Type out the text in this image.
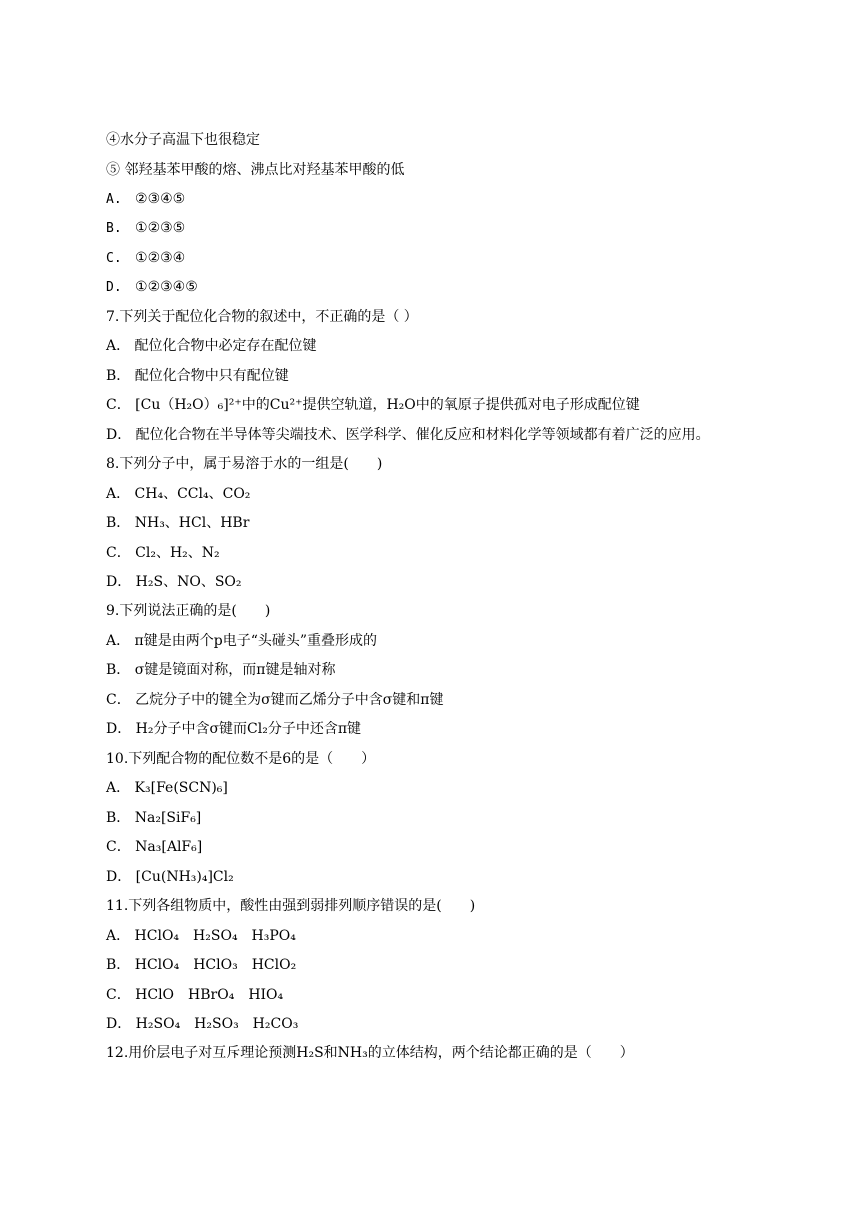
④水分子高温下也很稳定
⑤ 邻羟基苯甲酸的熔、沸点比对羟基苯甲酸的低
A. ②③④⑤
B. ①②③⑤
C. ①②③④
D. ①②③④⑤
7.下列关于配位化合物的叙述中，不正确的是（ ）
A． 配位化合物中必定存在配位键
B． 配位化合物中只有配位键
C． [Cu（H₂O）₆]²⁺中的Cu²⁺提供空轨道，H₂O中的氧原子提供孤对电子形成配位键
D． 配位化合物在半导体等尖端技术、医学科学、催化反应和材料化学等领域都有着广泛的应用。
8.下列分子中，属于易溶于水的一组是(　　)
A． CH₄、CCl₄、CO₂
B． NH₃、HCl、HBr
C． Cl₂、H₂、N₂
D． H₂S、NO、SO₂
9.下列说法正确的是(　　)
A． π键是由两个p电子“头碰头”重叠形成的
B． σ键是镜面对称，而π键是轴对称
C． 乙烷分子中的键全为σ键而乙烯分子中含σ键和π键
D． H₂分子中含σ键而Cl₂分子中还含π键
10.下列配合物的配位数不是6的是（　　）
A． K₃[Fe(SCN)₆]
B． Na₂[SiF₆]
C． Na₃[AlF₆]
D． [Cu(NH₃)₄]Cl₂
11.下列各组物质中，酸性由强到弱排列顺序错误的是(　　)
A． HClO₄　H₂SO₄　H₃PO₄
B． HClO₄　HClO₃　HClO₂
C． HClO　HBrO₄　HIO₄
D． H₂SO₄　H₂SO₃　H₂CO₃
12.用价层电子对互斥理论预测H₂S和NH₃的立体结构，两个结论都正确的是（　　）
